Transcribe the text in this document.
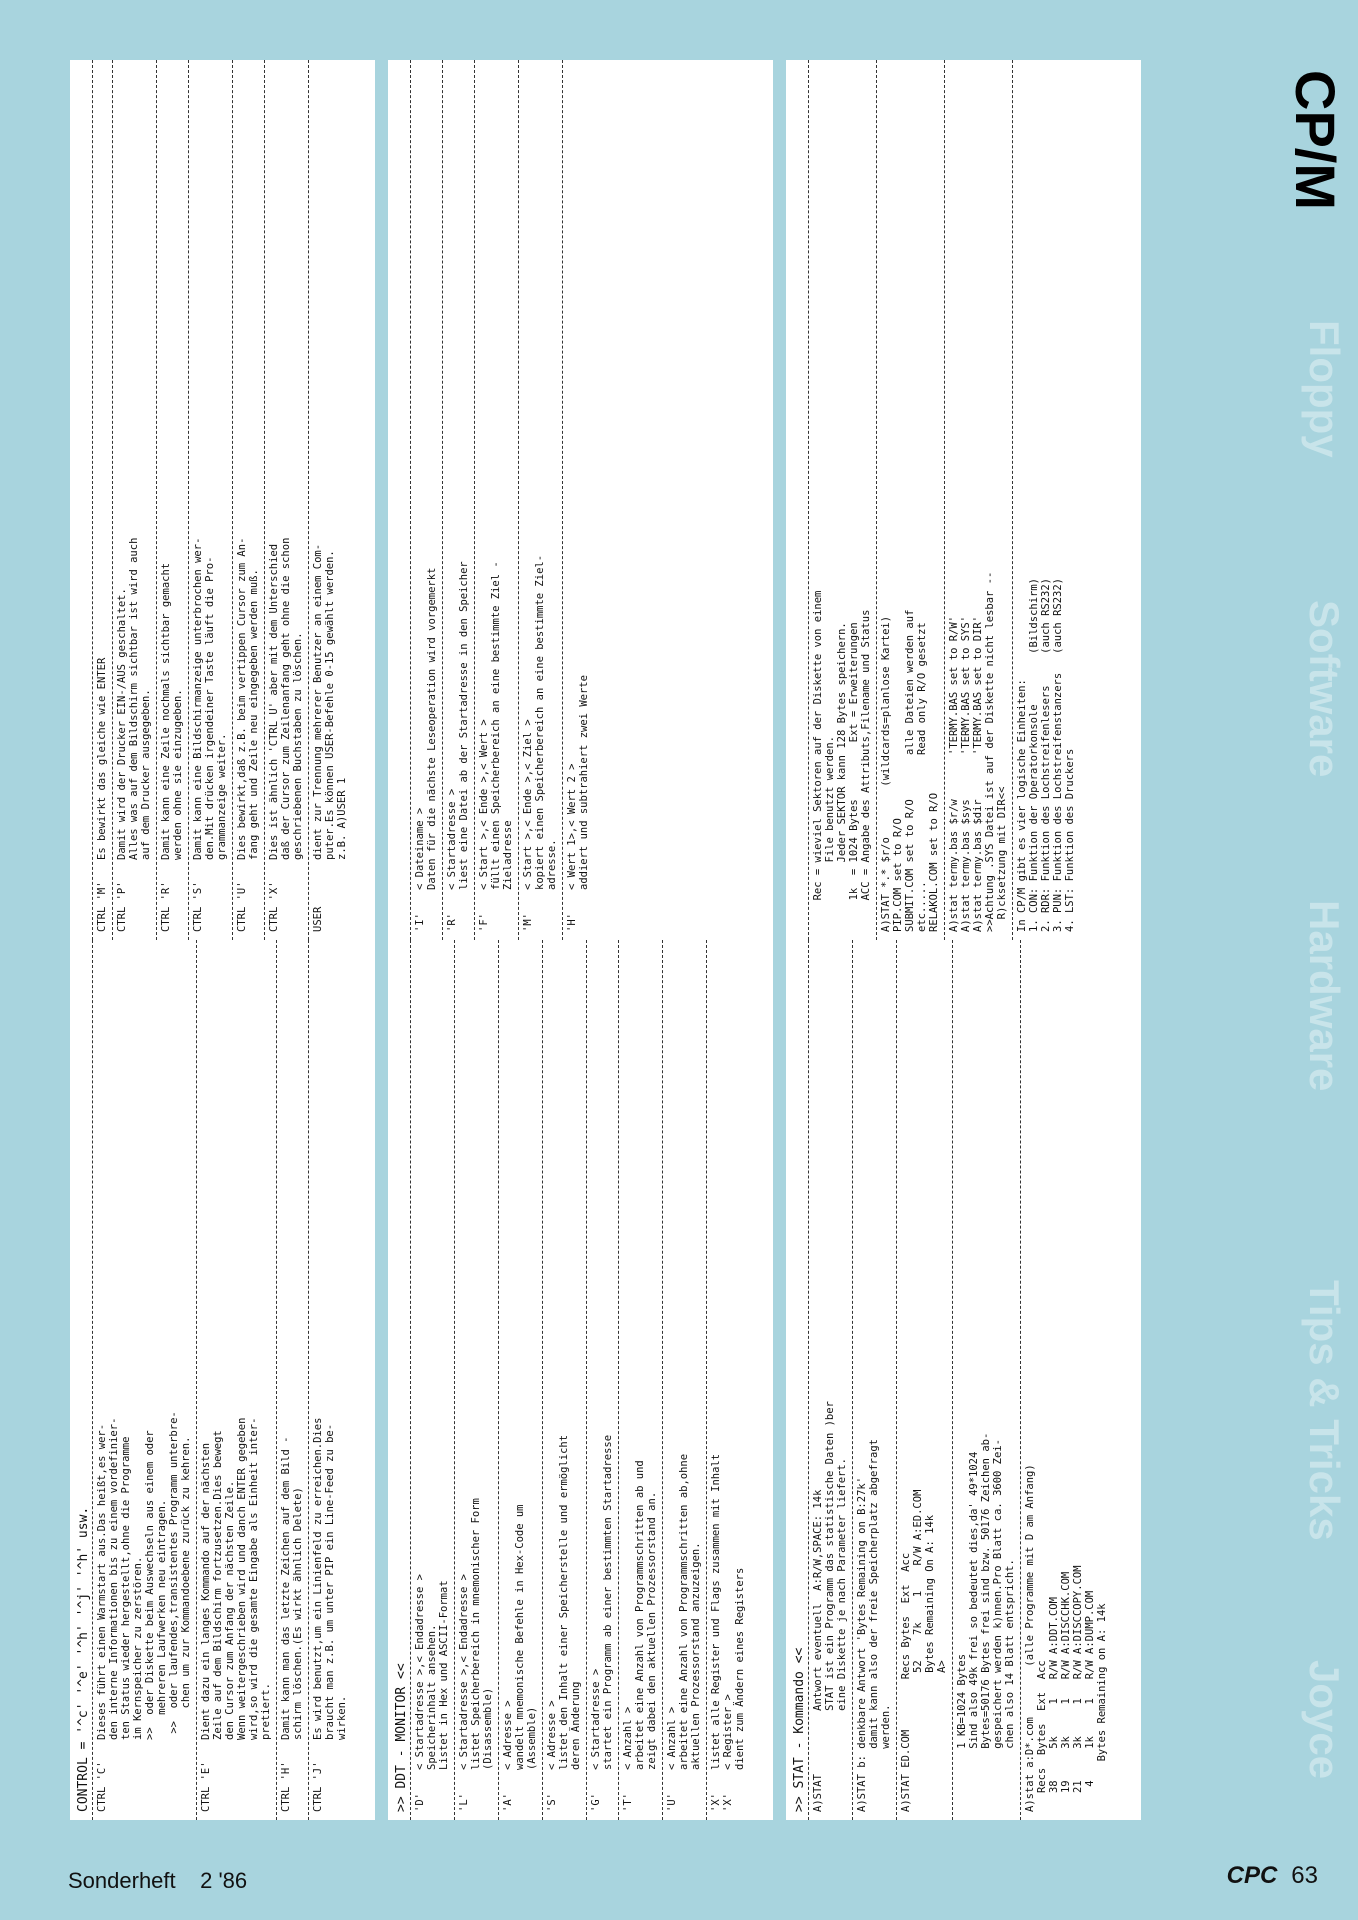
CONTROL = '^c' '^e' '^h' '^j' '^h' usw. CTRL 'C'
Dieses führt einen Warmstart aus.Das heißt,es wer-
den interne Informationen bis zu einem vordefinier-
ten Status wieder hergestellt,ohne die Programme
im Kernspeicher zu zerstören.
>>  oder Diskette beim Auswechseln aus einem oder
mehreren Laufwerken neu eintragen.
>>  oder laufendes,transistentes Programm unterbre-
chen um zur Kommandoebene zurück zu kehren.
CTRL 'E'
Dient dazu ein langes Kommando auf der nächsten
Zeile auf dem Bildschirm fortzusetzen.Dies bewegt
den Cursor zum Anfang der nächsten Zeile.
Wenn weitergeschrieben wird und danch ENTER gegeben
wird,so wird die gesamte Eingabe als Einheit inter-
pretiert.
CTRL 'H'
Damit kann man das letzte Zeichen auf dem Bild -
schirm löschen.(Es wirkt ähnlich Delete)
CTRL 'J'
Es wird benutzt,um ein Linienfeld zu erreichen.Dies
braucht man z.B. um unter PIP ein Line-Feed zu be-
wirken.
CTRL 'M'
Es bewirkt das gleiche wie ENTER
CTRL 'P'
Damit wird der Drucker EIN-/AUS geschaltet.
Alles was auf dem Bildschirm sichtbar ist wird auch
auf dem Drucker ausgegeben.
CTRL 'R'
Damit kann eine Zeile nochmals sichtbar gemacht
werden ohne sie einzugeben.
CTRL 'S'
Damit kann eine Bildschirmanzeige unterbrochen wer-
den.Mit drücken irgendeiner Taste läuft die Pro-
grammanzeige weiter.
CTRL 'U'
Dies bewirkt,daß z.B. beim vertippen Cursor zum An-
fang geht und Zeile neu eingegeben werden muß.
CTRL 'X'
Dies ist ähnlich 'CTRL U' aber mit dem Unterschied
daß der Cursor zum Zeilenanfang geht ohne die schon
geschriebenen Buchstaben zu löschen.
USER
dient zur Trennung mehrerer Benutzer an einem Com-
puter.Es können USER-Befehle 0-15 gewählt werden.
z.B. A)USER 1
>> DDT - MONITOR << 'D'
< Startadresse >,< Endadresse >
Speicherinhalt ansehen.
Listet in Hex und ASCII-Format
'L'
< Startadresse >,< Endadresse >
listet Speicherbereich in mnemonischer Form
(Disassemble)
'A'
< Adresse >
wandelt mnemonische Befehle in Hex-Code um
(Assemble)
'S'
< Adresse >
listet den Inhalt einer Speicherstelle und ermöglicht
deren Änderung
'G'
< Startadresse >
startet ein Programm ab einer bestimmten Startadresse
'T'
< Anzahl >
arbeitet eine Anzahl von Programmschritten ab und
zeigt dabei den aktuellen Prozessorstand an.
'U'
< Anzahl >
arbeitet eine Anzahl von Programmschritten ab,ohne
aktuellen Prozessorstand anzuzeigen.
'X'
'X'
listet alle Register und Flags zusammen mit Inhalt
< Register >
dient zum Ändern eines Registers
'I'
< Dateiname >
Daten für die nächste Leseoperation wird vorgemerkt
'R'
< Startadresse >
liest eine Datei ab der Startadresse in den Speicher
'F'
< Start >,< Ende >,< Wert >
füllt einen Speicherbereich an eine bestimmte Ziel -
Zieladresse
'M'
< Start >,< Ende >,< Ziel >
kopiert einen Speicherbereich an eine bestimmte Ziel-
adresse.
'H'
< Wert 1>,< Wert 2 >
addiert und subtrahiert zwei Werte
>> STAT - Kommando << A)STAT          Antwort eventuell  A:R/W,SPACE: 14k
STAT ist ein Programm das statistische Daten )ber
eine Diskette je nach Parameter liefert.
A)STAT b: denkbare Antwort 'Bytes Remaining on B:27k'
damit kann also der freie Speicherplatz abgefragt
werden.
A)STAT ED.COM        Recs Bytes  Ext  Acc
52    7k    1    R/W A:ED.COM
Bytes Remaining On A: 14k
A>
1 KB=1024 Bytes
Sind also 49k frei so bedeutet dies,da' 49*1024
Bytes=50176 Bytes frei sind bzw. 50176 Zeichen ab-
gespeichert werden k)nnen.Pro Blatt ca. 3600 Zei-
chen also 14 Blatt entspricht.
A)stat a:D*.com        (alle Programme mit D am Anfang)
Recs  Bytes  Ext  Acc
38     5k     1   R/W A:DDT.COM
19     3k     1   R/W A:DISCCHK.COM
21     3k     1   R/W A:DISCCOPY.COM
4     1k     1   R/W A:DUMP.COM
Bytes Remaining on A: 14k
Rec = wieviel Sektoren auf der Diskette von einem
File benutzt werden.
Jeder SEKTOR kann 128 Bytes speichern.
1k  = 1024 Bytes         Ext = Erweiterungen
ACC = Angabe des Attributs,Filename und Status
A)STAT *.* $r/o        (wildcards=planlose Kartei)
PIP.COM set to R/O
SUBMIT.COM set to R/O       alle Dateien werden auf
etc.....                    Read only R/O gesetzt
RELAKOL.COM set to R/O
A)stat termy.bas $r/w       'TERMY.BAS set to R/W'
A)stat termy.bas $sys       'TERMY.BAS set to SYS'
A)stat termy.bas $dir       'TERMY.BAS set to DIR'
>>Achtung .SYS Datei ist auf der Diskette nicht lesbar --
R)cksetzung mit DIR<<
In CP/M gibt es vier logische Einheiten:
1. CON: Funktion der Operatorkonsole        (Bildschirm)
2. RDR: Funktion des Lochstreifenlesers     (auch RS232)
3. PUN: Funktion des Lochstreifenstanzers   (auch RS232)
4. LST: Funktion des Druckers
CP/M
Floppy
Software
Hardware
Tips & Tricks
Joyce
Sonderheft 2 '86	CPC 63
